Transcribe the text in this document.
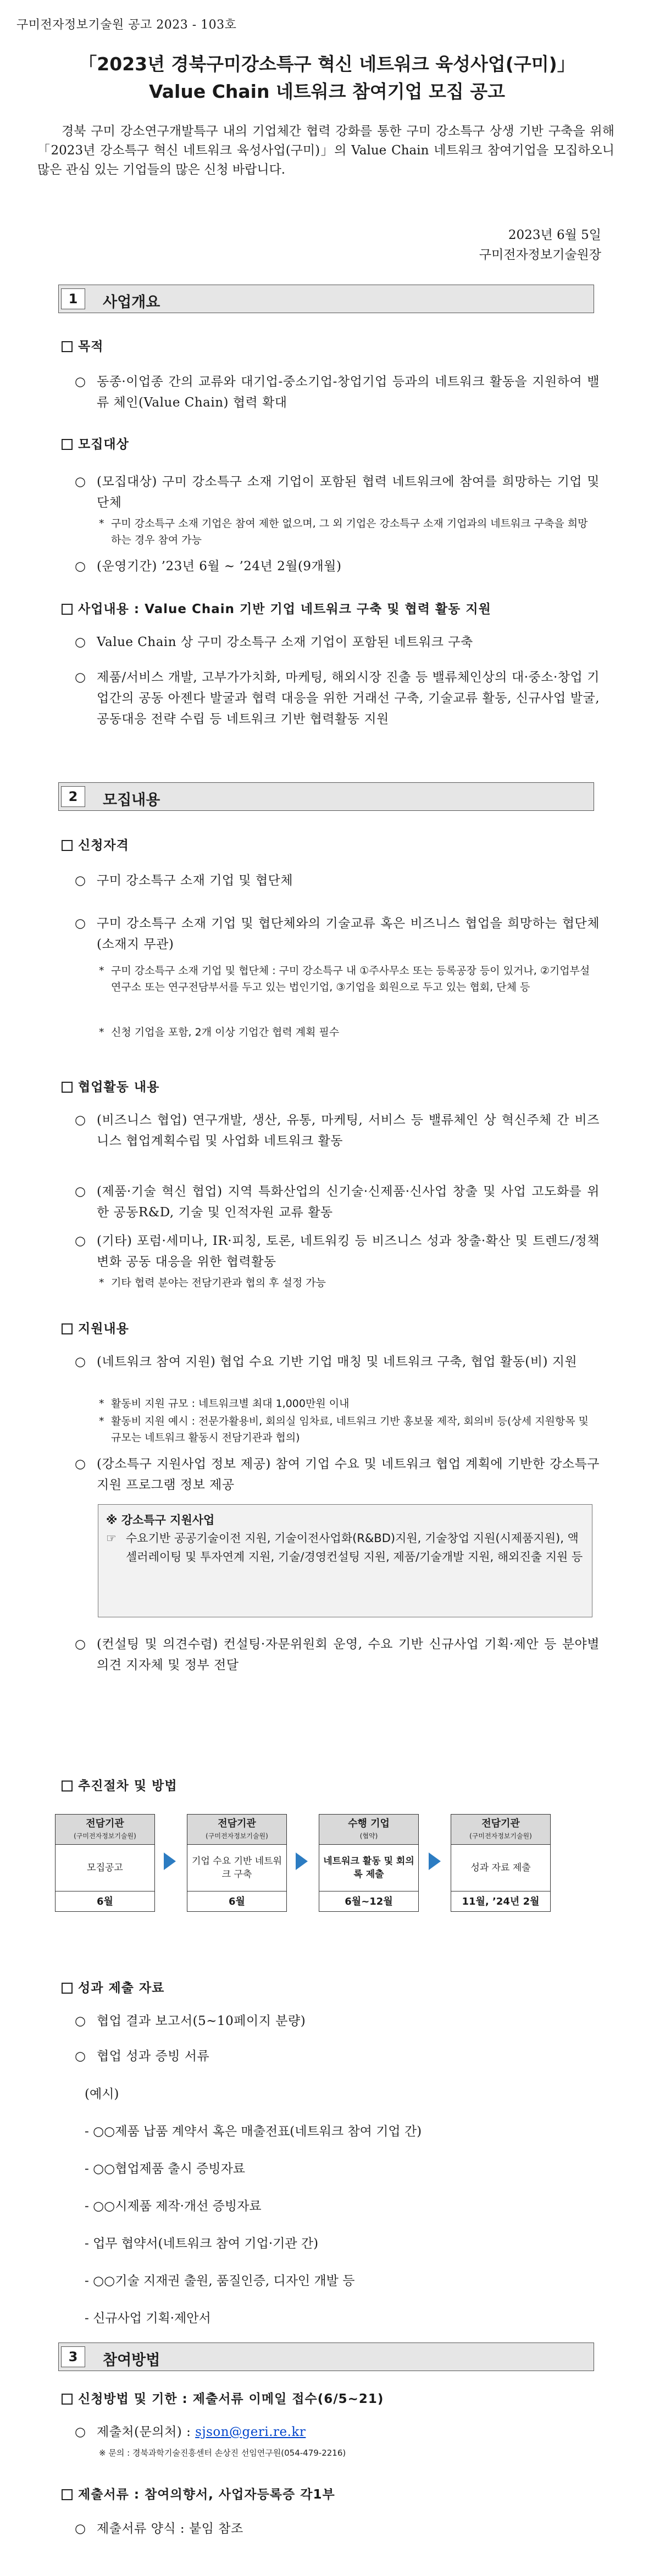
구미전자정보기술원 공고 2023 - 103호
「2023년 경북구미강소특구 혁신 네트워크 육성사업(구미)」
Value Chain 네트워크 참여기업 모집 공고
경북 구미 강소연구개발특구 내의 기업체간 협력 강화를 통한 구미 강소특구 상생 기반 구축을 위해 「2023년 강소특구 혁신 네트워크 육성사업(구미)」의 Value Chain 네트워크 참여기업을 모집하오니 많은 관심 있는 기업들의 많은 신청 바랍니다.
2023년 6월 5일
구미전자정보기술원장
1	사업개요
목적
○ 동종·이업종 간의 교류와 대기업-중소기업-창업기업 등과의 네트워크 활동을 지원하여 밸류 체인(Value Chain) 협력 확대
모집대상
○ (모집대상) 구미 강소특구 소재 기업이 포함된 협력 네트워크에 참여를 희망하는 기업 및 단체
* 구미 강소특구 소재 기업은 참여 제한 없으며, 그 외 기업은 강소특구 소재 기업과의 네트워크 구축을 희망하는 경우 참여 가능
○ (운영기간) ’23년 6월 ~ ’24년 2월(9개월)
사업내용 : Value Chain 기반 기업 네트워크 구축 및 협력 활동 지원
○ Value Chain 상 구미 강소특구 소재 기업이 포함된 네트워크 구축
○ 제품/서비스 개발, 고부가가치화, 마케팅, 해외시장 진출 등 밸류체인상의 대·중소·창업 기업간의 공동 아젠다 발굴과 협력 대응을 위한 거래선 구축, 기술교류 활동, 신규사업 발굴, 공동대응 전략 수립 등 네트워크 기반 협력활동 지원
2	모집내용
신청자격
○ 구미 강소특구 소재 기업 및 협단체
○ 구미 강소특구 소재 기업 및 협단체와의 기술교류 혹은 비즈니스 협업을 희망하는 협단체(소재지 무관)
* 구미 강소특구 소재 기업 및 협단체 : 구미 강소특구 내 ①주사무소 또는 등록공장 등이 있거나, ②기업부설연구소 또는 연구전담부서를 두고 있는 법인기업, ③기업을 회원으로 두고 있는 협회, 단체 등
* 신청 기업을 포함, 2개 이상 기업간 협력 계획 필수
협업활동 내용
○ (비즈니스 협업) 연구개발, 생산, 유통, 마케팅, 서비스 등 밸류체인 상 혁신주체 간 비즈니스 협업계획수립 및 사업화 네트워크 활동
○ (제품·기술 혁신 협업) 지역 특화산업의 신기술·신제품·신사업 창출 및 사업 고도화를 위한 공동R&D, 기술 및 인적자원 교류 활동
○ (기타) 포럼·세미나, IR·피칭, 토론, 네트워킹 등 비즈니스 성과 창출·확산 및 트렌드/정책 변화 공동 대응을 위한 협력활동
* 기타 협력 분야는 전담기관과 협의 후 설정 가능
지원내용
○ (네트워크 참여 지원) 협업 수요 기반 기업 매칭 및 네트워크 구축, 협업 활동(비) 지원
* 활동비 지원 규모 : 네트워크별 최대 1,000만원 이내
* 활동비 지원 예시 : 전문가활용비, 회의실 임차료, 네트워크 기반 홍보물 제작, 회의비 등(상세 지원항목 및 규모는 네트워크 활동시 전담기관과 협의)
○ (강소특구 지원사업 정보 제공) 참여 기업 수요 및 네트워크 협업 계획에 기반한 강소특구 지원 프로그램 정보 제공
※ 강소특구 지원사업
☞ 수요기반 공공기술이전 지원, 기술이전사업화(R&BD)지원, 기술창업 지원(시제품지원), 액셀러레이팅 및 투자연계 지원, 기술/경영컨설팅 지원, 제품/기술개발 지원, 해외진출 지원 등
○ (컨설팅 및 의견수렴) 컨설팅·자문위원회 운영, 수요 기반 신규사업 기획·제안 등 분야별 의견 지자체 및 정부 전달
추진절차 및 방법
전담기관
(구미전자정보기술원)
모집공고
6월
전담기관
(구미전자정보기술원)
기업 수요 기반 네트워크 구축
6월
수행 기업
(협약)
네트워크 활동 및 회의록 제출
6월~12월
전담기관
(구미전자정보기술원)
성과 자료 제출
11월, ’24년 2월
성과 제출 자료
○ 협업 결과 보고서(5~10페이지 분량)
○ 협업 성과 증빙 서류
(예시)
- ○○제품 납품 계약서 혹은 매출전표(네트워크 참여 기업 간)
- ○○협업제품 출시 증빙자료
- ○○시제품 제작·개선 증빙자료
- 업무 협약서(네트워크 참여 기업·기관 간)
- ○○기술 지재권 출원, 품질인증, 디자인 개발 등
- 신규사업 기획·제안서
3	참여방법
신청방법 및 기한 : 제출서류 이메일 접수(6/5~21)
○ 제출처(문의처) : sjson@geri.re.kr
※ 문의 : 경북과학기술진흥센터 손상진 선임연구원(054-479-2216)
제출서류 : 참여의향서, 사업자등록증 각1부
○ 제출서류 양식 : 붙임 참조
